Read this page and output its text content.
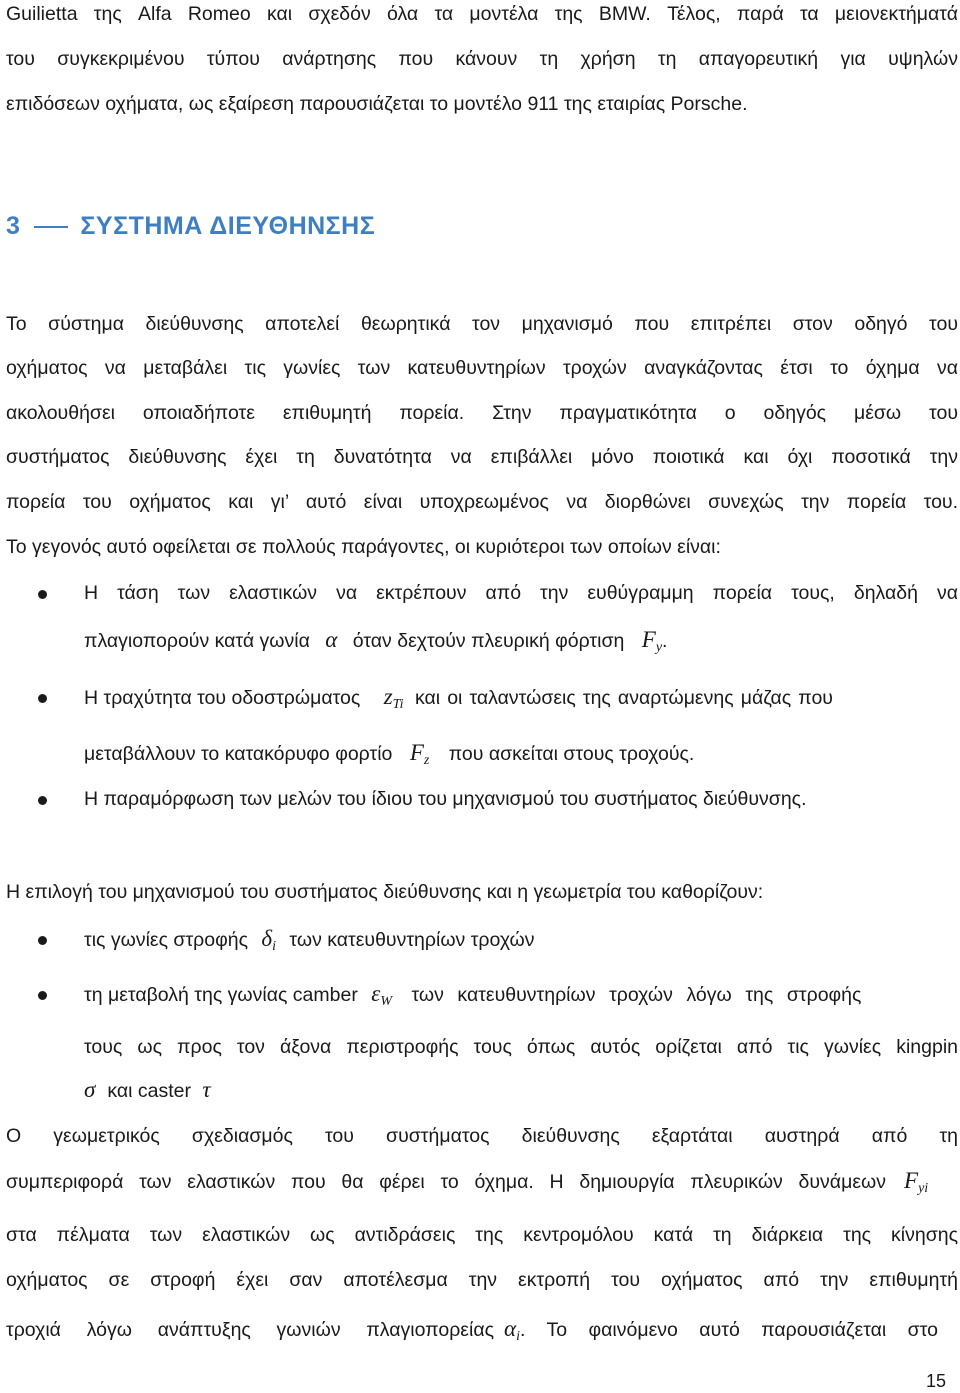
Guilietta της Alfa Romeo και σχεδόν όλα τα μοντέλα της BMW. Τέλος, παρά τα μειονεκτήματά
του συγκεκριμένου τύπου ανάρτησης που κάνουν τη χρήση τη απαγορευτική για υψηλών
επιδόσεων οχήματα, ως εξαίρεση παρουσιάζεται το μοντέλο 911 της εταιρίας Porsche.
3 ΣΥΣΤΗΜΑ ΔΙΕΥΘΗΝΣΗΣ
Το σύστημα διεύθυνσης αποτελεί θεωρητικά τον μηχανισμό που επιτρέπει στον οδηγό του
οχήματος να μεταβάλει τις γωνίες των κατευθυντηρίων τροχών αναγκάζοντας έτσι το όχημα να
ακολουθήσει οποιαδήποτε επιθυμητή πορεία. Στην πραγματικότητα ο οδηγός μέσω του
συστήματος διεύθυνσης έχει τη δυνατότητα να επιβάλλει μόνο ποιοτικά και όχι ποσοτικά την
πορεία του οχήματος και γι’ αυτό είναι υποχρεωμένος να διορθώνει συνεχώς την πορεία του.
Το γεγονός αυτό οφείλεται σε πολλούς παράγοντες, οι κυριότεροι των οποίων είναι:
Η τάση των ελαστικών να εκτρέπουν από την ευθύγραμμη πορεία τους, δηλαδή να
πλαγιοπορούν κατά γωνία α όταν δεχτούν πλευρική φόρτιση $F_y$.
Η τραχύτητα του οδοστρώματος $z_{Ti}$ και οι ταλαντώσεις της αναρτώμενης μάζας που
μεταβάλλουν το κατακόρυφο φορτίο $F_z$ που ασκείται στους τροχούς.
Η παραμόρφωση των μελών του ίδιου του μηχανισμού του συστήματος διεύθυνσης.
Η επιλογή του μηχανισμού του συστήματος διεύθυνσης και η γεωμετρία του καθορίζουν:
τις γωνίες στροφής $\delta_i$ των κατευθυντηρίων τροχών
τη μεταβολή της γωνίας camber $\varepsilon_W$ των κατευθυντηρίων τροχών λόγω της στροφής
τους ως προς τον άξονα περιστροφής τους όπως αυτός ορίζεται από τις γωνίες kingpin
σ και caster τ
Ο γεωμετρικός σχεδιασμός του συστήματος διεύθυνσης εξαρτάται αυστηρά από τη
συμπεριφορά των ελαστικών που θα φέρει το όχημα. Η δημιουργία πλευρικών δυνάμεων $F_{yi}$
στα πέλματα των ελαστικών ως αντιδράσεις της κεντρομόλου κατά τη διάρκεια της κίνησης
οχήματος σε στροφή έχει σαν αποτέλεσμα την εκτροπή του οχήματος από την επιθυμητή
τροχιά λόγω ανάπτυξης γωνιών πλαγιοπορείας $\alpha_i$. Το φαινόμενο αυτό παρουσιάζεται στο
15
